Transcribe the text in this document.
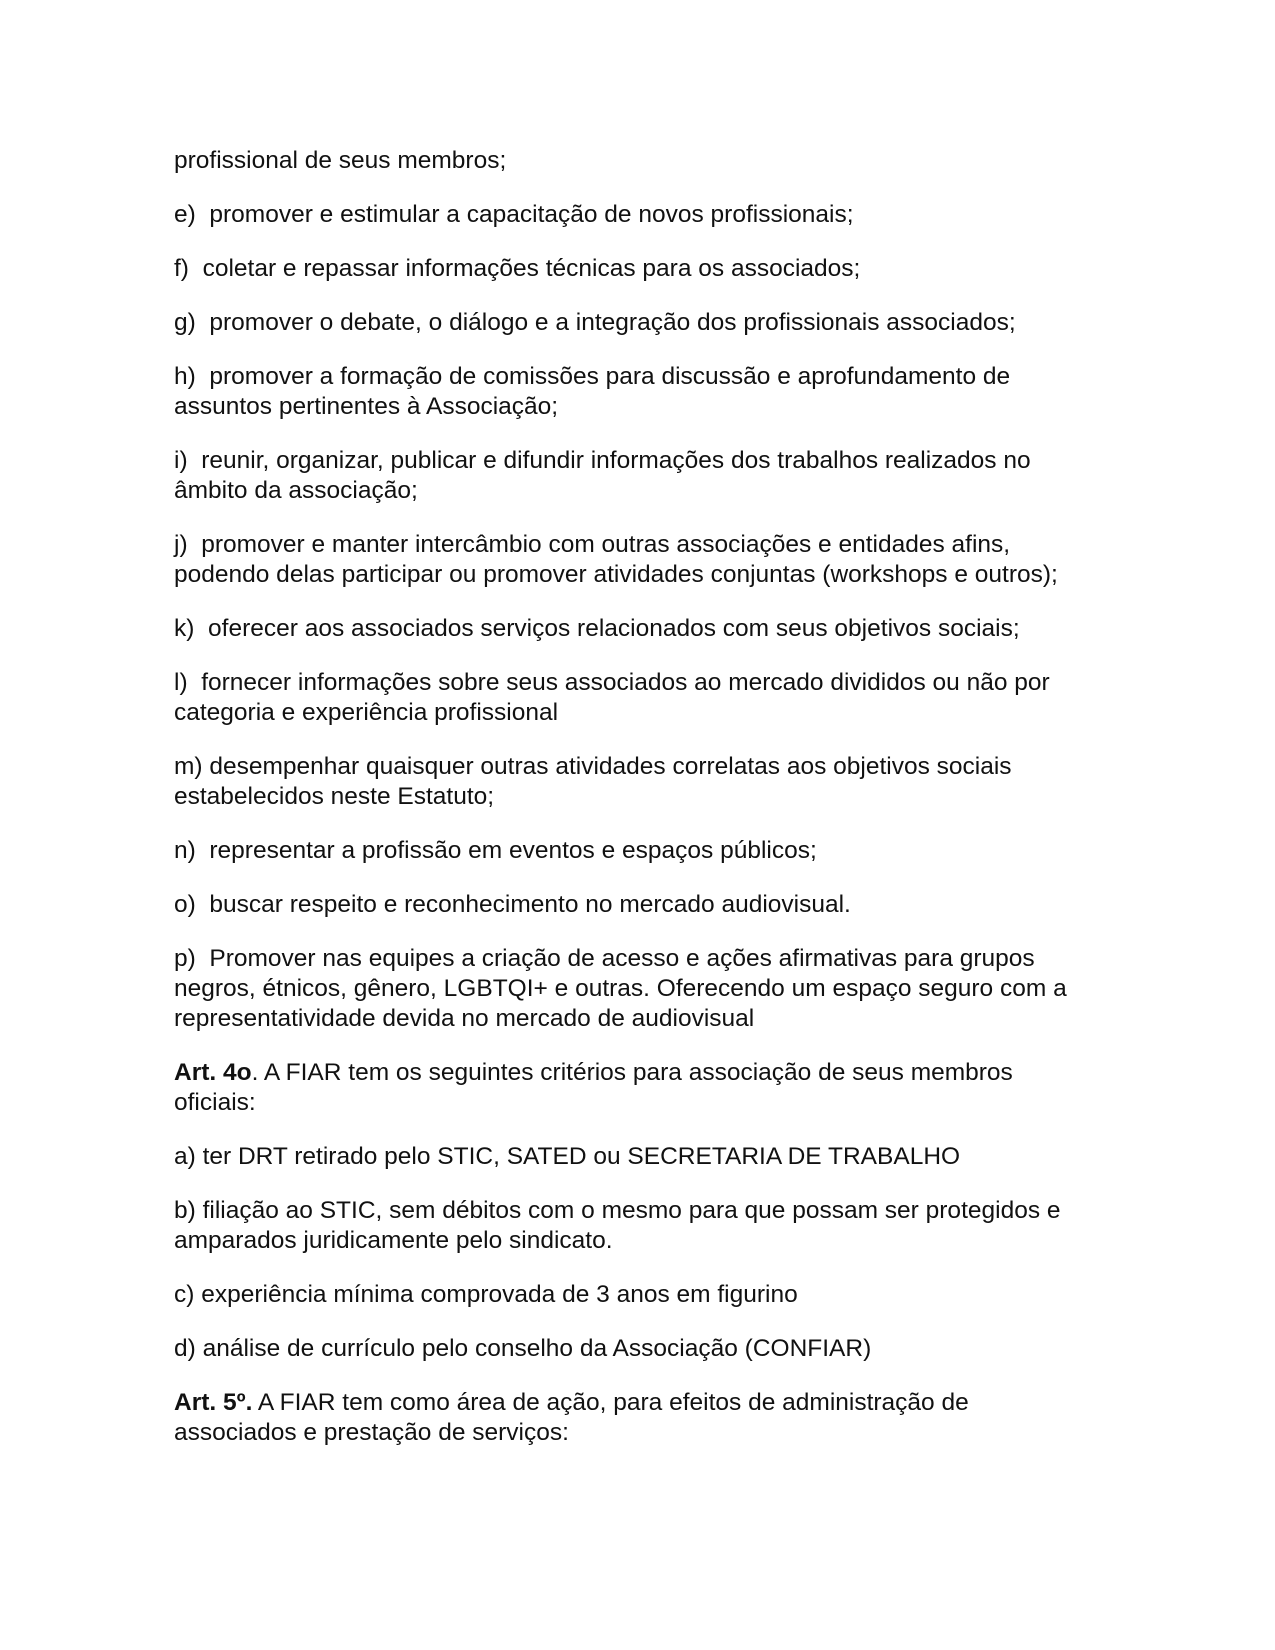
profissional de seus membros;

e)  promover e estimular a capacitação de novos profissionais;

f)  coletar e repassar informações técnicas para os associados;

g)  promover o debate, o diálogo e a integração dos profissionais associados;

h)  promover a formação de comissões para discussão e aprofundamento de assuntos pertinentes à Associação;

i)  reunir, organizar, publicar e difundir informações dos trabalhos realizados no âmbito da associação;

j)  promover e manter intercâmbio com outras associações e entidades afins, podendo delas participar ou promover atividades conjuntas (workshops e outros);

k)  oferecer aos associados serviços relacionados com seus objetivos sociais;

l)  fornecer informações sobre seus associados ao mercado divididos ou não por categoria e experiência profissional

m) desempenhar quaisquer outras atividades correlatas aos objetivos sociais estabelecidos neste Estatuto;

n)  representar a profissão em eventos e espaços públicos;

o)  buscar respeito e reconhecimento no mercado audiovisual.

p)  Promover nas equipes a criação de acesso e ações afirmativas para grupos negros, étnicos, gênero, LGBTQI+ e outras. Oferecendo um espaço seguro com a representatividade devida no mercado de audiovisual

Art. 4o. A FIAR tem os seguintes critérios para associação de seus membros oficiais:

a) ter DRT retirado pelo STIC, SATED ou SECRETARIA DE TRABALHO

b) filiação ao STIC, sem débitos com o mesmo para que possam ser protegidos e amparados juridicamente pelo sindicato.

c) experiência mínima comprovada de 3 anos em figurino

d) análise de currículo pelo conselho da Associação (CONFIAR)

Art. 5º. A FIAR tem como área de ação, para efeitos de administração de associados e prestação de serviços:
